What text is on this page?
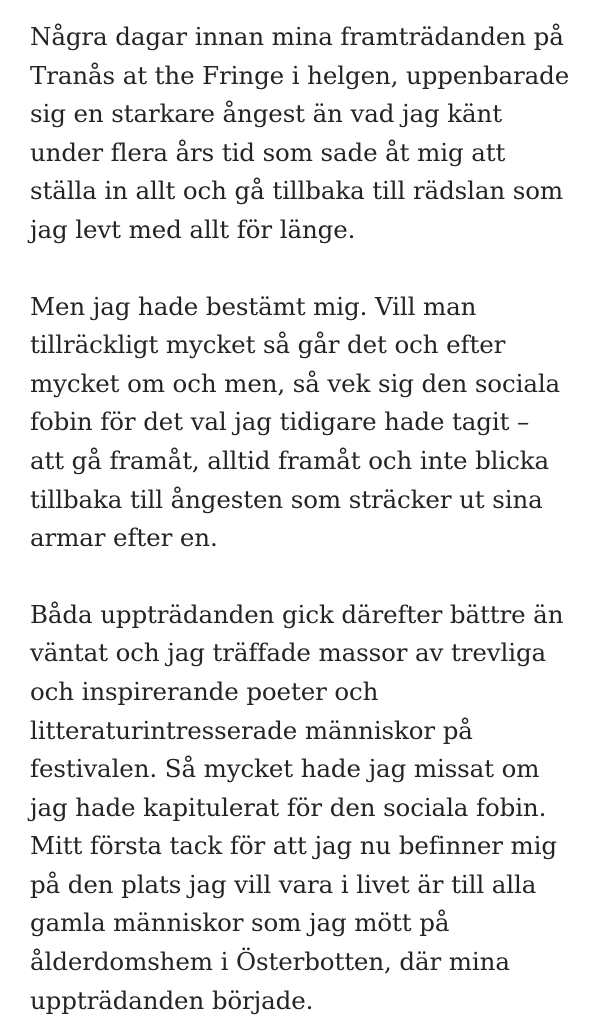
Några dagar innan mina framträdanden på
Tranås at the Fringe i helgen, uppenbarade
sig en starkare ångest än vad jag känt
under flera års tid som sade åt mig att
ställa in allt och gå tillbaka till rädslan som
jag levt med allt för länge.

Men jag hade bestämt mig. Vill man
tillräckligt mycket så går det och efter
mycket om och men, så vek sig den sociala
fobin för det val jag tidigare hade tagit –
att gå framåt, alltid framåt och inte blicka
tillbaka till ångesten som sträcker ut sina
armar efter en.

Båda uppträdanden gick därefter bättre än
väntat och jag träffade massor av trevliga
och inspirerande poeter och
litteraturintresserade människor på
festivalen. Så mycket hade jag missat om
jag hade kapitulerat för den sociala fobin.
Mitt första tack för att jag nu befinner mig
på den plats jag vill vara i livet är till alla
gamla människor som jag mött på
ålderdomshem i Österbotten, där mina
uppträdanden började.
